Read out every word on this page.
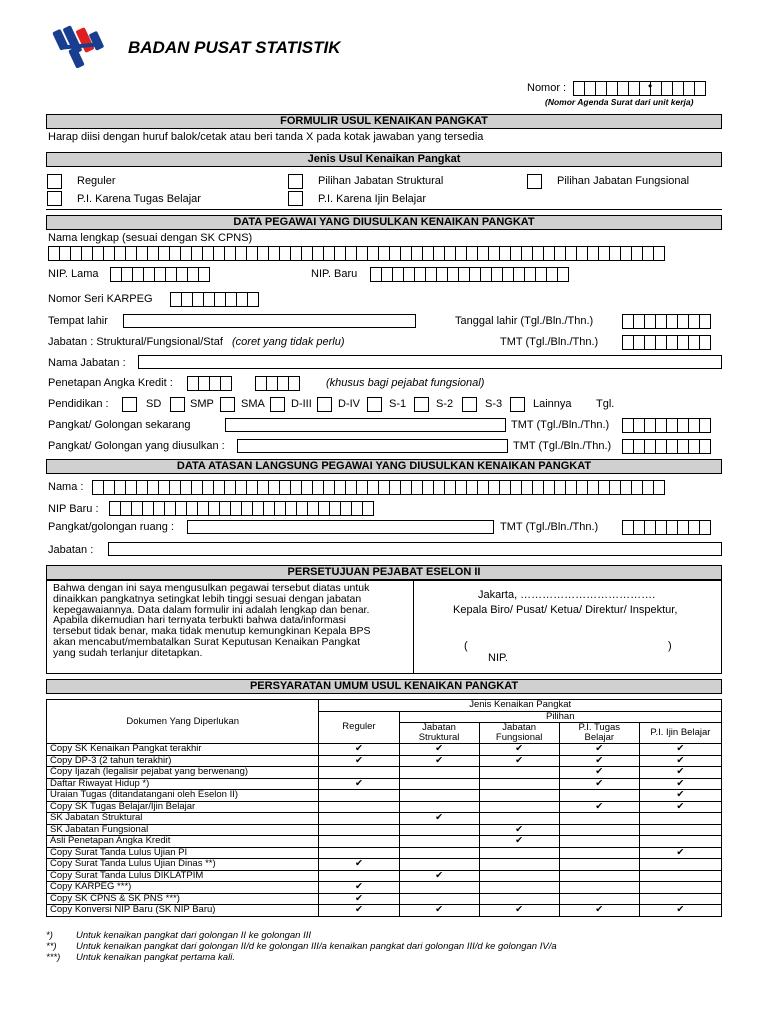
BADAN PUSAT STATISTIK
Nomor :	•
(Nomor Agenda Surat dari unit kerja)
FORMULIR USUL KENAIKAN PANGKAT
Harap diisi dengan huruf balok/cetak atau beri tanda X pada kotak jawaban yang tersedia
Jenis Usul Kenaikan Pangkat
Reguler	Pilihan Jabatan Struktural	Pilihan Jabatan Fungsional
P.I. Karena Tugas Belajar	P.I. Karena Ijin Belajar
DATA PEGAWAI YANG DIUSULKAN KENAIKAN PANGKAT
Nama lengkap (sesuai dengan SK CPNS)
NIP. Lama	NIP. Baru
Nomor Seri KARPEG
Tempat lahir	Tanggal lahir (Tgl./Bln./Thn.)
Jabatan : Struktural/Fungsional/Staf (coret yang tidak perlu)	TMT (Tgl./Bln./Thn.)
Nama Jabatan :
Penetapan Angka Kredit :	(khusus bagi pejabat fungsional)
Pendidikan :	SD	SMP SMA D-III D-IV	S-1	S-2	S-3	Lainnya Tgl.
Pangkat/ Golongan sekarang	TMT (Tgl./Bln./Thn.)
Pangkat/ Golongan yang diusulkan :	TMT (Tgl./Bln./Thn.)
DATA ATASAN LANGSUNG PEGAWAI YANG DIUSULKAN KENAIKAN PANGKAT
Nama :
NIP Baru :
Pangkat/golongan ruang :	TMT (Tgl./Bln./Thn.)
Jabatan :
PERSETUJUAN PEJABAT ESELON II
Bahwa dengan ini saya mengusulkan pegawai tersebut diatas untuk
dinaikkan pangkatnya setingkat lebih tinggi sesuai dengan jabatan
kepegawaiannya. Data dalam formulir ini adalah lengkap dan benar.
Apabila dikemudian hari ternyata terbukti bahwa data/informasi
tersebut tidak benar, maka tidak menutup kemungkinan Kepala BPS
akan mencabut/membatalkan Surat Keputusan Kenaikan Pangkat
yang sudah terlanjur ditetapkan.
Jakarta, ……………………………….
Kepala Biro/ Pusat/ Ketua/ Direktur/ Inspektur,
(	)
NIP.
PERSYARATAN UMUM USUL KENAIKAN PANGKAT
Dokumen Yang Diperlukan	Jenis Kenaikan Pangkat				
	Reguler	Pilihan			
		Jabatan Struktural	Jabatan Fungsional	P.I. Tugas Belajar	P.I. Ijin Belajar
Copy SK Kenaikan Pangkat terakhir	✔	✔	✔	✔	✔
Copy DP-3 (2 tahun terakhir)	✔	✔	✔	✔	✔
Copy Ijazah (legalisir pejabat yang berwenang)				✔	✔
Daftar Riwayat Hidup *)	✔			✔	✔
Uraian Tugas (ditandatangani oleh Eselon II)					✔
Copy SK Tugas Belajar/Ijin Belajar				✔	✔
SK Jabatan Struktural		✔			
SK Jabatan Fungsional			✔		
Asli Penetapan Angka Kredit			✔		
Copy Surat Tanda Lulus Ujian PI					✔
Copy Surat Tanda Lulus Ujian Dinas **)	✔				
Copy Surat Tanda Lulus DIKLATPIM		✔			
Copy KARPEG ***)	✔				
Copy SK CPNS & SK PNS ***)	✔				
Copy Konversi NIP Baru (SK NIP Baru)	✔	✔	✔	✔	✔
*)	Untuk kenaikan pangkat dari golongan II ke golongan III
**)	Untuk kenaikan pangkat dari golongan II/d ke golongan III/a kenaikan pangkat dari golongan III/d ke golongan IV/a
***)	Untuk kenaikan pangkat pertama kali.
